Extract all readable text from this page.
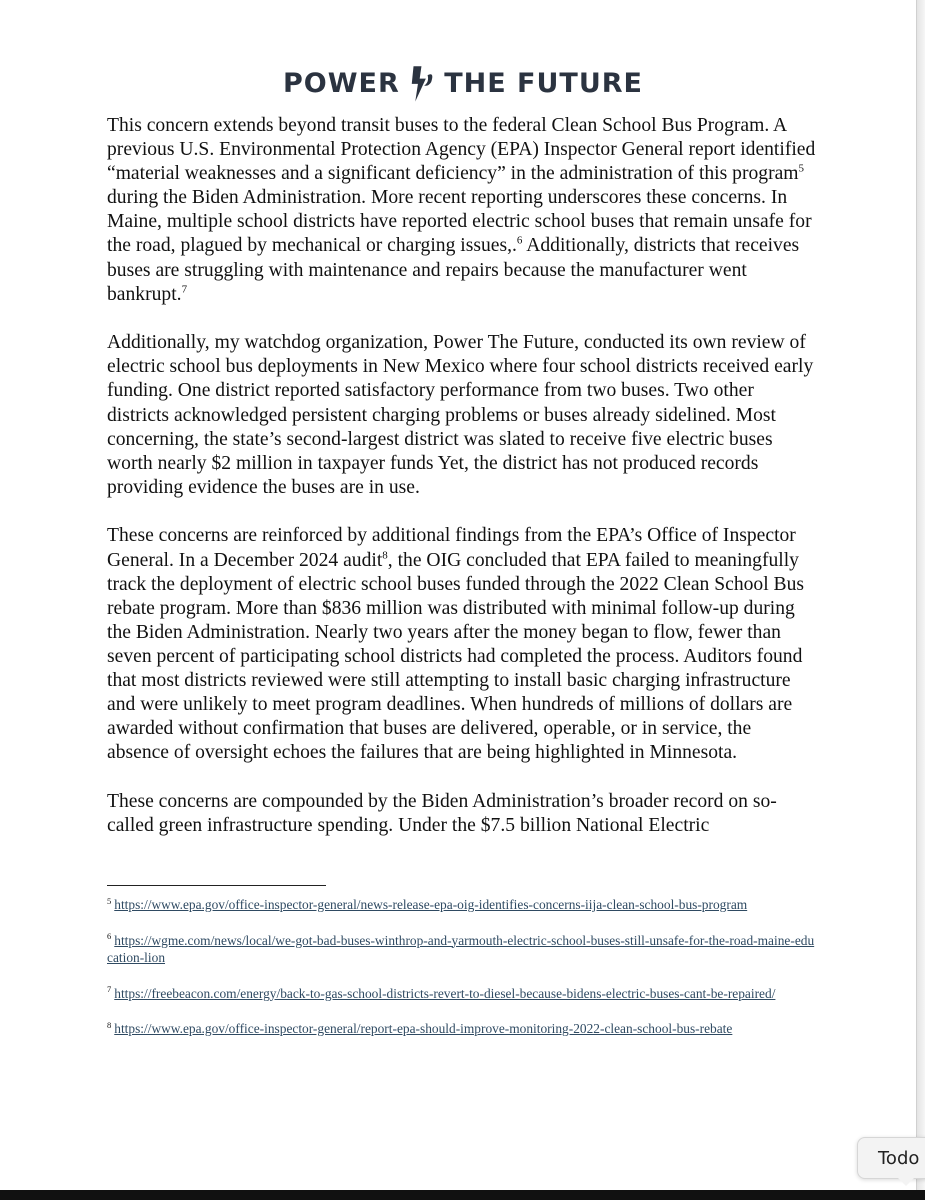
POWER THE FUTURE

This concern extends beyond transit buses to the federal Clean School Bus Program. A previous U.S. Environmental Protection Agency (EPA) Inspector General report identified “material weaknesses and a significant deficiency” in the administration of this program$^5$ during the Biden Administration. More recent reporting underscores these concerns. In Maine, multiple school districts have reported electric school buses that remain unsafe for the road, plagued by mechanical or charging issues,.$^6$ Additionally, districts that receives buses are struggling with maintenance and repairs because the manufacturer went bankrupt.$^7$

Additionally, my watchdog organization, Power The Future, conducted its own review of electric school bus deployments in New Mexico where four school districts received early funding. One district reported satisfactory performance from two buses. Two other districts acknowledged persistent charging problems or buses already sidelined. Most concerning, the state’s second-largest district was slated to receive five electric buses worth nearly $2 million in taxpayer funds Yet, the district has not produced records providing evidence the buses are in use.

These concerns are reinforced by additional findings from the EPA’s Office of Inspector General. In a December 2024 audit$^8$, the OIG concluded that EPA failed to meaningfully track the deployment of electric school buses funded through the 2022 Clean School Bus rebate program. More than $836 million was distributed with minimal follow-up during the Biden Administration. Nearly two years after the money began to flow, fewer than seven percent of participating school districts had completed the process. Auditors found that most districts reviewed were still attempting to install basic charging infrastructure and were unlikely to meet program deadlines. When hundreds of millions of dollars are awarded without confirmation that buses are delivered, operable, or in service, the absence of oversight echoes the failures that are being highlighted in Minnesota.

These concerns are compounded by the Biden Administration’s broader record on so-called green infrastructure spending. Under the $7.5 billion National Electric

$^5$ https://www.epa.gov/office-inspector-general/news-release-epa-oig-identifies-concerns-iija-clean-school-bus-program
$^6$ https://wgme.com/news/local/we-got-bad-buses-winthrop-and-yarmouth-electric-school-buses-still-unsafe-for-the-road-maine-education-lion
$^7$ https://freebeacon.com/energy/back-to-gas-school-districts-revert-to-diesel-because-bidens-electric-buses-cant-be-repaired/
$^8$ https://www.epa.gov/office-inspector-general/report-epa-should-improve-monitoring-2022-clean-school-bus-rebate
Todo
